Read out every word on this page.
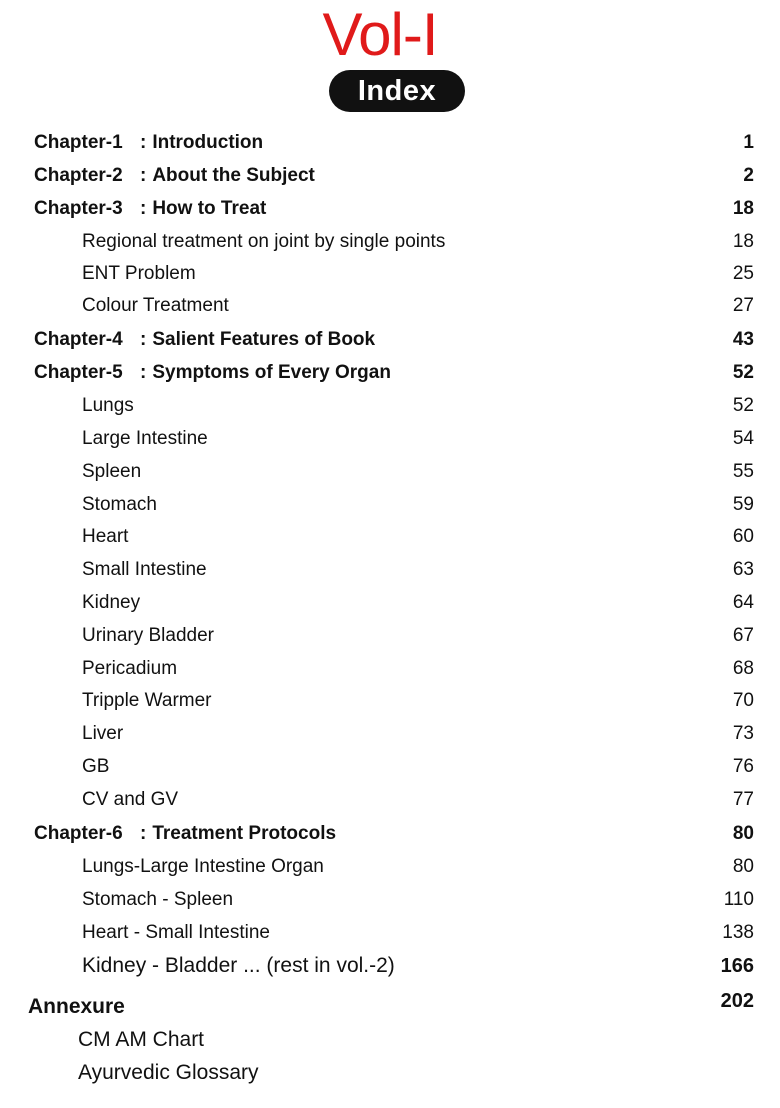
Vol-I
Index
Chapter-1 : Introduction	1
Chapter-2 : About the Subject	2
Chapter-3 : How to Treat	18
Regional treatment on joint by single points	18
ENT Problem	25
Colour Treatment	27
Chapter-4 : Salient Features of Book	43
Chapter-5 : Symptoms of Every Organ	52
Lungs	52
Large Intestine	54
Spleen	55
Stomach	59
Heart	60
Small Intestine	63
Kidney	64
Urinary Bladder	67
Pericadium	68
Tripple Warmer	70
Liver	73
GB	76
CV and GV	77
Chapter-6 : Treatment Protocols	80
Lungs-Large Intestine Organ	80
Stomach - Spleen	110
Heart - Small Intestine	138
Kidney - Bladder ... (rest in vol.-2)	166
Annexure	202
CM AM Chart
Ayurvedic Glossary
